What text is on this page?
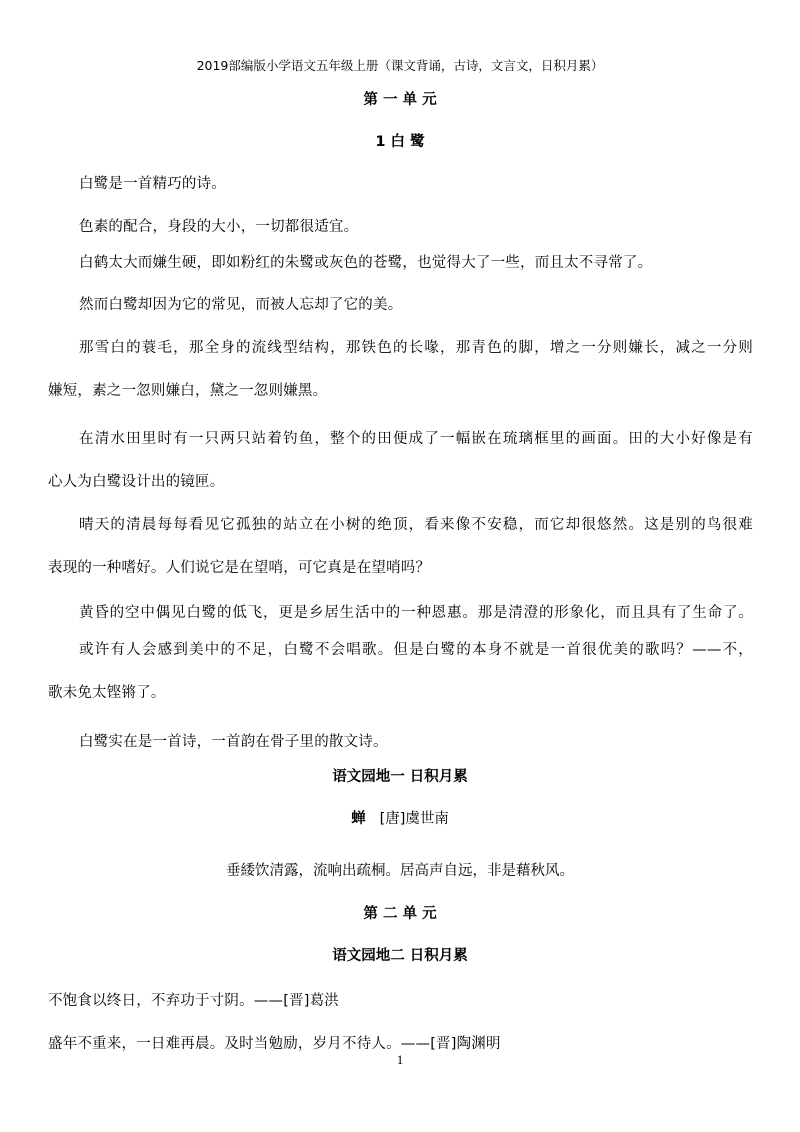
2019部编版小学语文五年级上册（课文背诵，古诗，文言文，日积月累）
第 一 单 元
1 白 鹭
白鹭是一首精巧的诗。
色素的配合，身段的大小，一切都很适宜。
白鹤太大而嫌生硬，即如粉红的朱鹭或灰色的苍鹭，也觉得大了一些，而且太不寻常了。
然而白鹭却因为它的常见，而被人忘却了它的美。
那雪白的蓑毛，那全身的流线型结构，那铁色的长喙，那青色的脚，增之一分则嫌长，减之一分则
嫌短，素之一忽则嫌白，黛之一忽则嫌黑。
在清水田里时有一只两只站着钓鱼，整个的田便成了一幅嵌在琉璃框里的画面。田的大小好像是有
心人为白鹭设计出的镜匣。
晴天的清晨每每看见它孤独的站立在小树的绝顶，看来像不安稳，而它却很悠然。这是别的鸟很难
表现的一种嗜好。人们说它是在望哨，可它真是在望哨吗？
黄昏的空中偶见白鹭的低飞，更是乡居生活中的一种恩惠。那是清澄的形象化，而且具有了生命了。
或许有人会感到美中的不足，白鹭不会唱歌。但是白鹭的本身不就是一首很优美的歌吗？——不，
歌未免太铿锵了。
白鹭实在是一首诗，一首韵在骨子里的散文诗。
语文园地一 日积月累
蝉 [唐]虞世南
垂緌饮清露，流响出疏桐。居高声自远，非是藉秋风。
第 二 单 元
语文园地二 日积月累
不饱食以终日，不弃功于寸阴。——[晋]葛洪
盛年不重来，一日难再晨。及时当勉励，岁月不待人。——[晋]陶渊明
1
